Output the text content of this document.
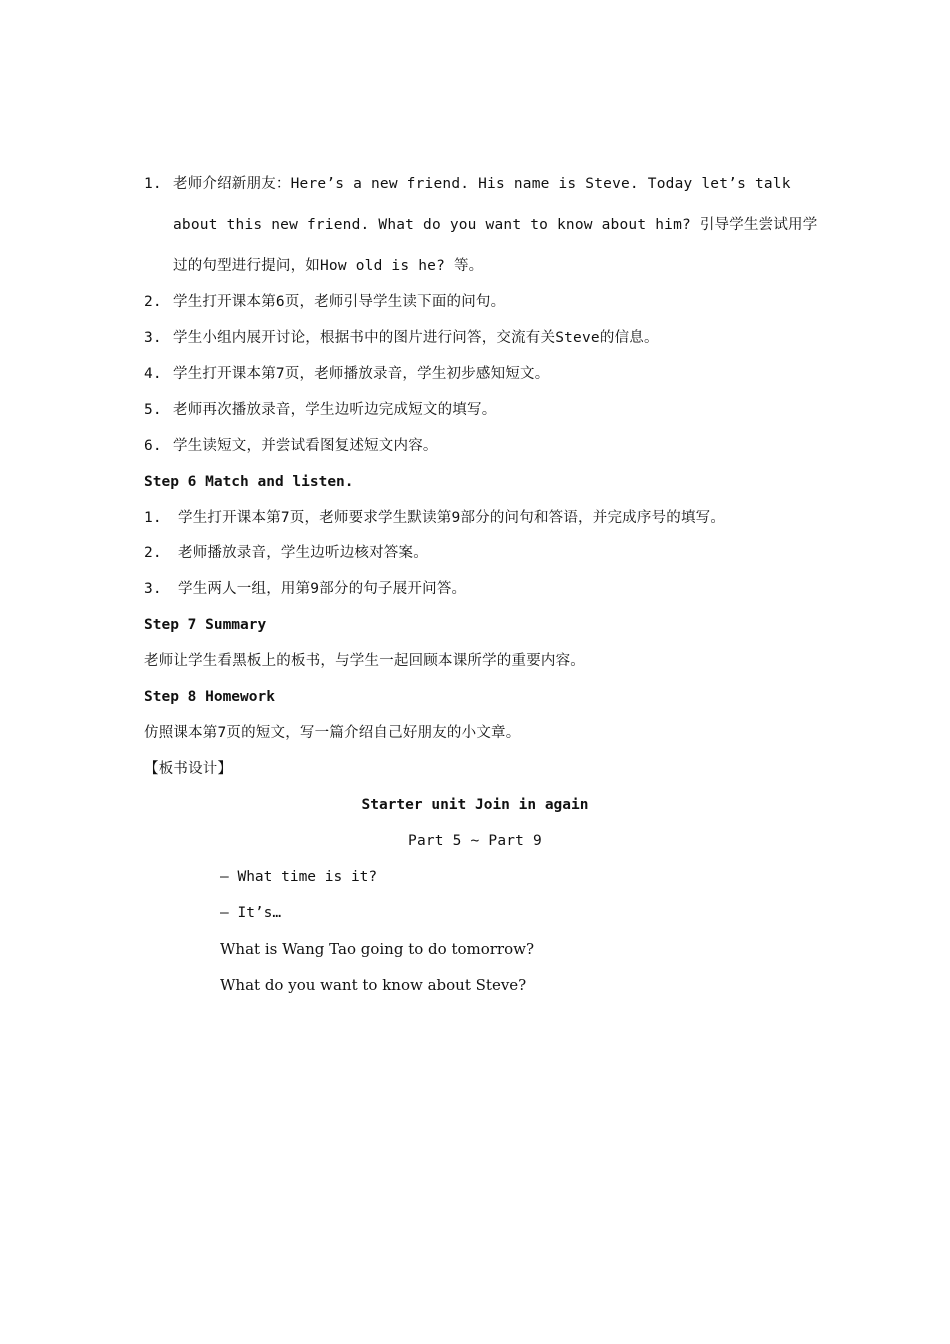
1. 老师介绍新朋友：Here’s a new friend. His name is Steve. Today let’s talk
about this new friend. What do you want to know about him? 引导学生尝试用学
过的句型进行提问，如How old is he? 等。
2. 学生打开课本第6页，老师引导学生读下面的问句。
3. 学生小组内展开讨论，根据书中的图片进行问答，交流有关Steve的信息。
4. 学生打开课本第7页，老师播放录音，学生初步感知短文。
5. 老师再次播放录音，学生边听边完成短文的填写。
6. 学生读短文，并尝试看图复述短文内容。
Step 6 Match and listen.
1. 学生打开课本第7页，老师要求学生默读第9部分的问句和答语，并完成序号的填写。
2. 老师播放录音，学生边听边核对答案。
3. 学生两人一组，用第9部分的句子展开问答。
Step 7 Summary
老师让学生看黑板上的板书，与学生一起回顾本课所学的重要内容。
Step 8 Homework
仿照课本第7页的短文，写一篇介绍自己好朋友的小文章。
【板书设计】
Starter unit Join in again
Part 5 ~ Part 9
— What time is it?
— It’s…
What is Wang Tao going to do tomorrow?
What do you want to know about Steve?
